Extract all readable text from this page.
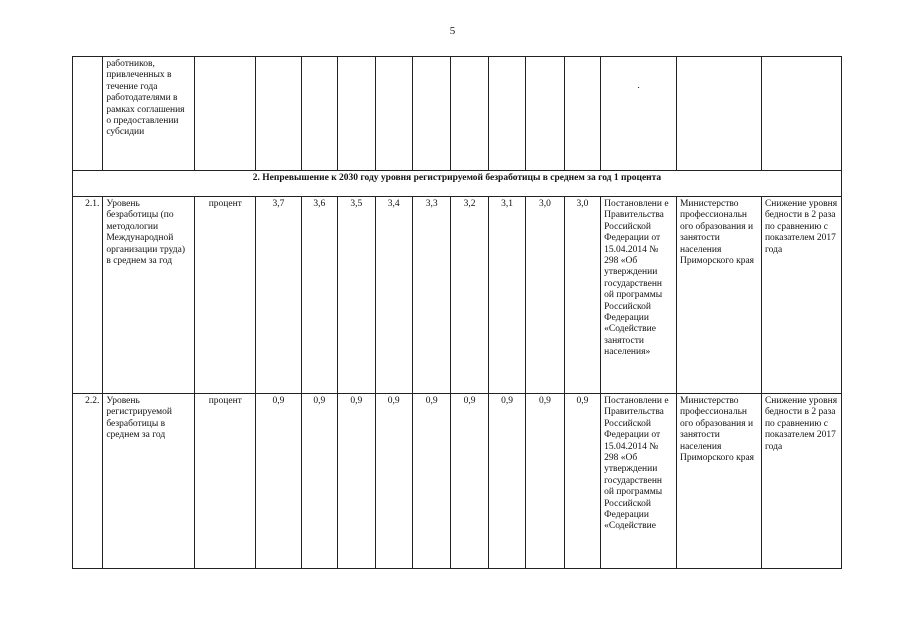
5
	работников, привлеченных в течение года работодателями в рамках соглашения о предоставлении субсидии											.		
2. Непревышение к 2030 году уровня регистрируемой безработицы в среднем за год 1 процента														
2.1.	Уровень безработицы (по методологии Международной организации труда) в среднем за год	процент	3,7	3,6	3,5	3,4	3,3	3,2	3,1	3,0	3,0	Постановлени е Правительства Российской Федерации от 15.04.2014 № 298 «Об утверждении государственн ой программы Российской Федерации «Содействие занятости населения»	Министерство профессиональн ого образования и занятости населения Приморского края	Снижение уровня бедности в 2 раза по сравнению с показателем 2017 года
2.2.	Уровень регистрируемой безработицы в среднем за год	процент	0,9	0,9	0,9	0,9	0,9	0,9	0,9	0,9	0,9	Постановлени е Правительства Российской Федерации от 15.04.2014 № 298 «Об утверждении государственн ой программы Российской Федерации «Содействие	Министерство профессиональн ого образования и занятости населения Приморского края	Снижение уровня бедности в 2 раза по сравнению с показателем 2017 года
